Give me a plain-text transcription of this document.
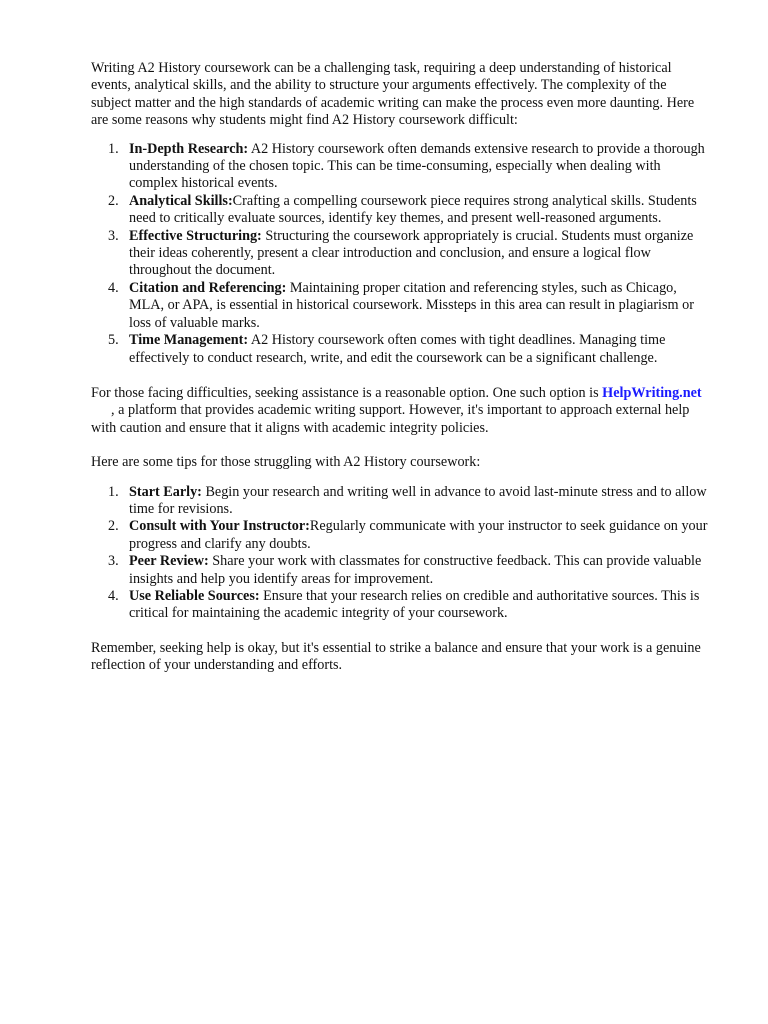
Writing A2 History coursework can be a challenging task, requiring a deep understanding of historical events, analytical skills, and the ability to structure your arguments effectively. The complexity of the subject matter and the high standards of academic writing can make the process even more daunting. Here are some reasons why students might find A2 History coursework difficult:

1. In-Depth Research: A2 History coursework often demands extensive research to provide a thorough understanding of the chosen topic. This can be time-consuming, especially when dealing with complex historical events.
2. Analytical Skills:Crafting a compelling coursework piece requires strong analytical skills. Students need to critically evaluate sources, identify key themes, and present well-reasoned arguments.
3. Effective Structuring: Structuring the coursework appropriately is crucial. Students must organize their ideas coherently, present a clear introduction and conclusion, and ensure a logical flow throughout the document.
4. Citation and Referencing: Maintaining proper citation and referencing styles, such as Chicago, MLA, or APA, is essential in historical coursework. Missteps in this area can result in plagiarism or loss of valuable marks.
5. Time Management: A2 History coursework often comes with tight deadlines. Managing time effectively to conduct research, write, and edit the coursework can be a significant challenge.

For those facing difficulties, seeking assistance is a reasonable option. One such option is HelpWriting.net, a platform that provides academic writing support. However, it's important to approach external help with caution and ensure that it aligns with academic integrity policies.

Here are some tips for those struggling with A2 History coursework:

1. Start Early: Begin your research and writing well in advance to avoid last-minute stress and to allow time for revisions.
2. Consult with Your Instructor:Regularly communicate with your instructor to seek guidance on your progress and clarify any doubts.
3. Peer Review: Share your work with classmates for constructive feedback. This can provide valuable insights and help you identify areas for improvement.
4. Use Reliable Sources: Ensure that your research relies on credible and authoritative sources. This is critical for maintaining the academic integrity of your coursework.

Remember, seeking help is okay, but it's essential to strike a balance and ensure that your work is a genuine reflection of your understanding and efforts.
